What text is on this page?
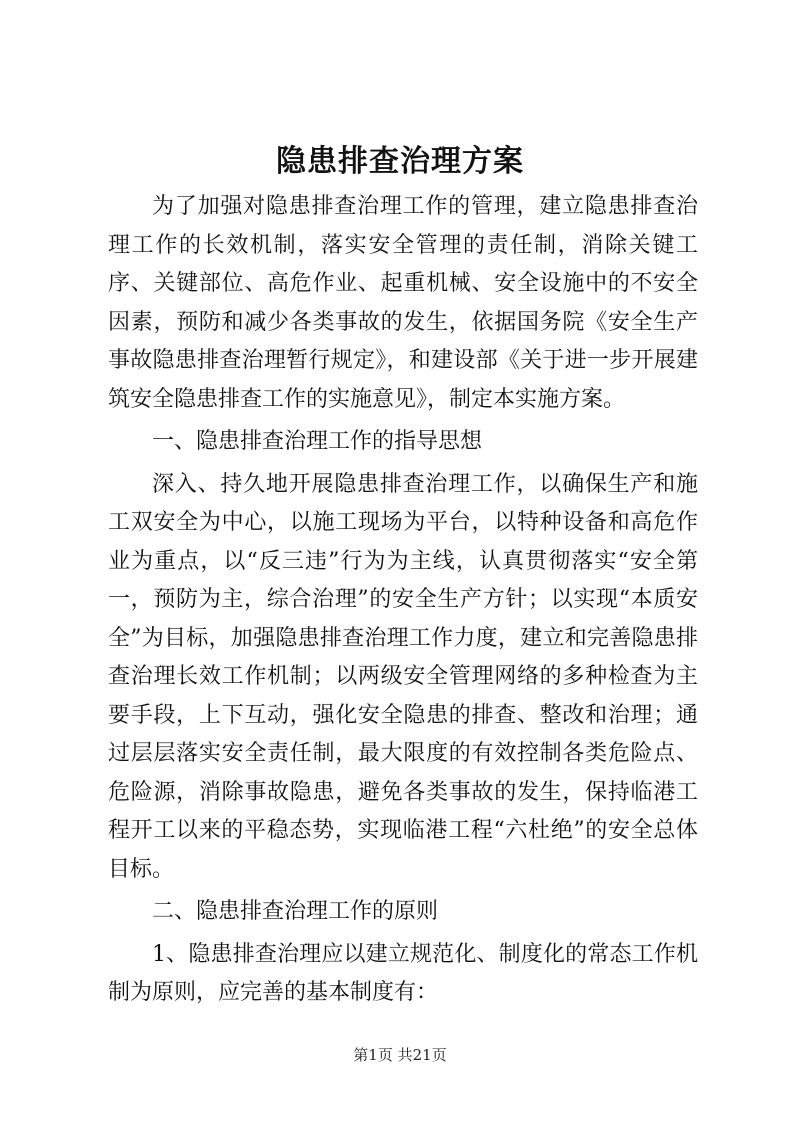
隐患排查治理方案

为了加强对隐患排查治理工作的管理，建立隐患排查治理工作的长效机制，落实安全管理的责任制，消除关键工序、关键部位、高危作业、起重机械、安全设施中的不安全因素，预防和减少各类事故的发生，依据国务院《安全生产事故隐患排查治理暂行规定》，和建设部《关于进一步开展建筑安全隐患排查工作的实施意见》，制定本实施方案。

一、隐患排查治理工作的指导思想

深入、持久地开展隐患排查治理工作，以确保生产和施工双安全为中心，以施工现场为平台，以特种设备和高危作业为重点，以“反三违”行为为主线，认真贯彻落实“安全第一，预防为主，综合治理”的安全生产方针；以实现“本质安全”为目标，加强隐患排查治理工作力度，建立和完善隐患排查治理长效工作机制；以两级安全管理网络的多种检查为主要手段，上下互动，强化安全隐患的排查、整改和治理；通过层层落实安全责任制，最大限度的有效控制各类危险点、危险源，消除事故隐患，避免各类事故的发生，保持临港工程开工以来的平稳态势，实现临港工程“六杜绝”的安全总体目标。

二、隐患排查治理工作的原则

1、隐患排查治理应以建立规范化、制度化的常态工作机制为原则，应完善的基本制度有：

第1页 共21页
